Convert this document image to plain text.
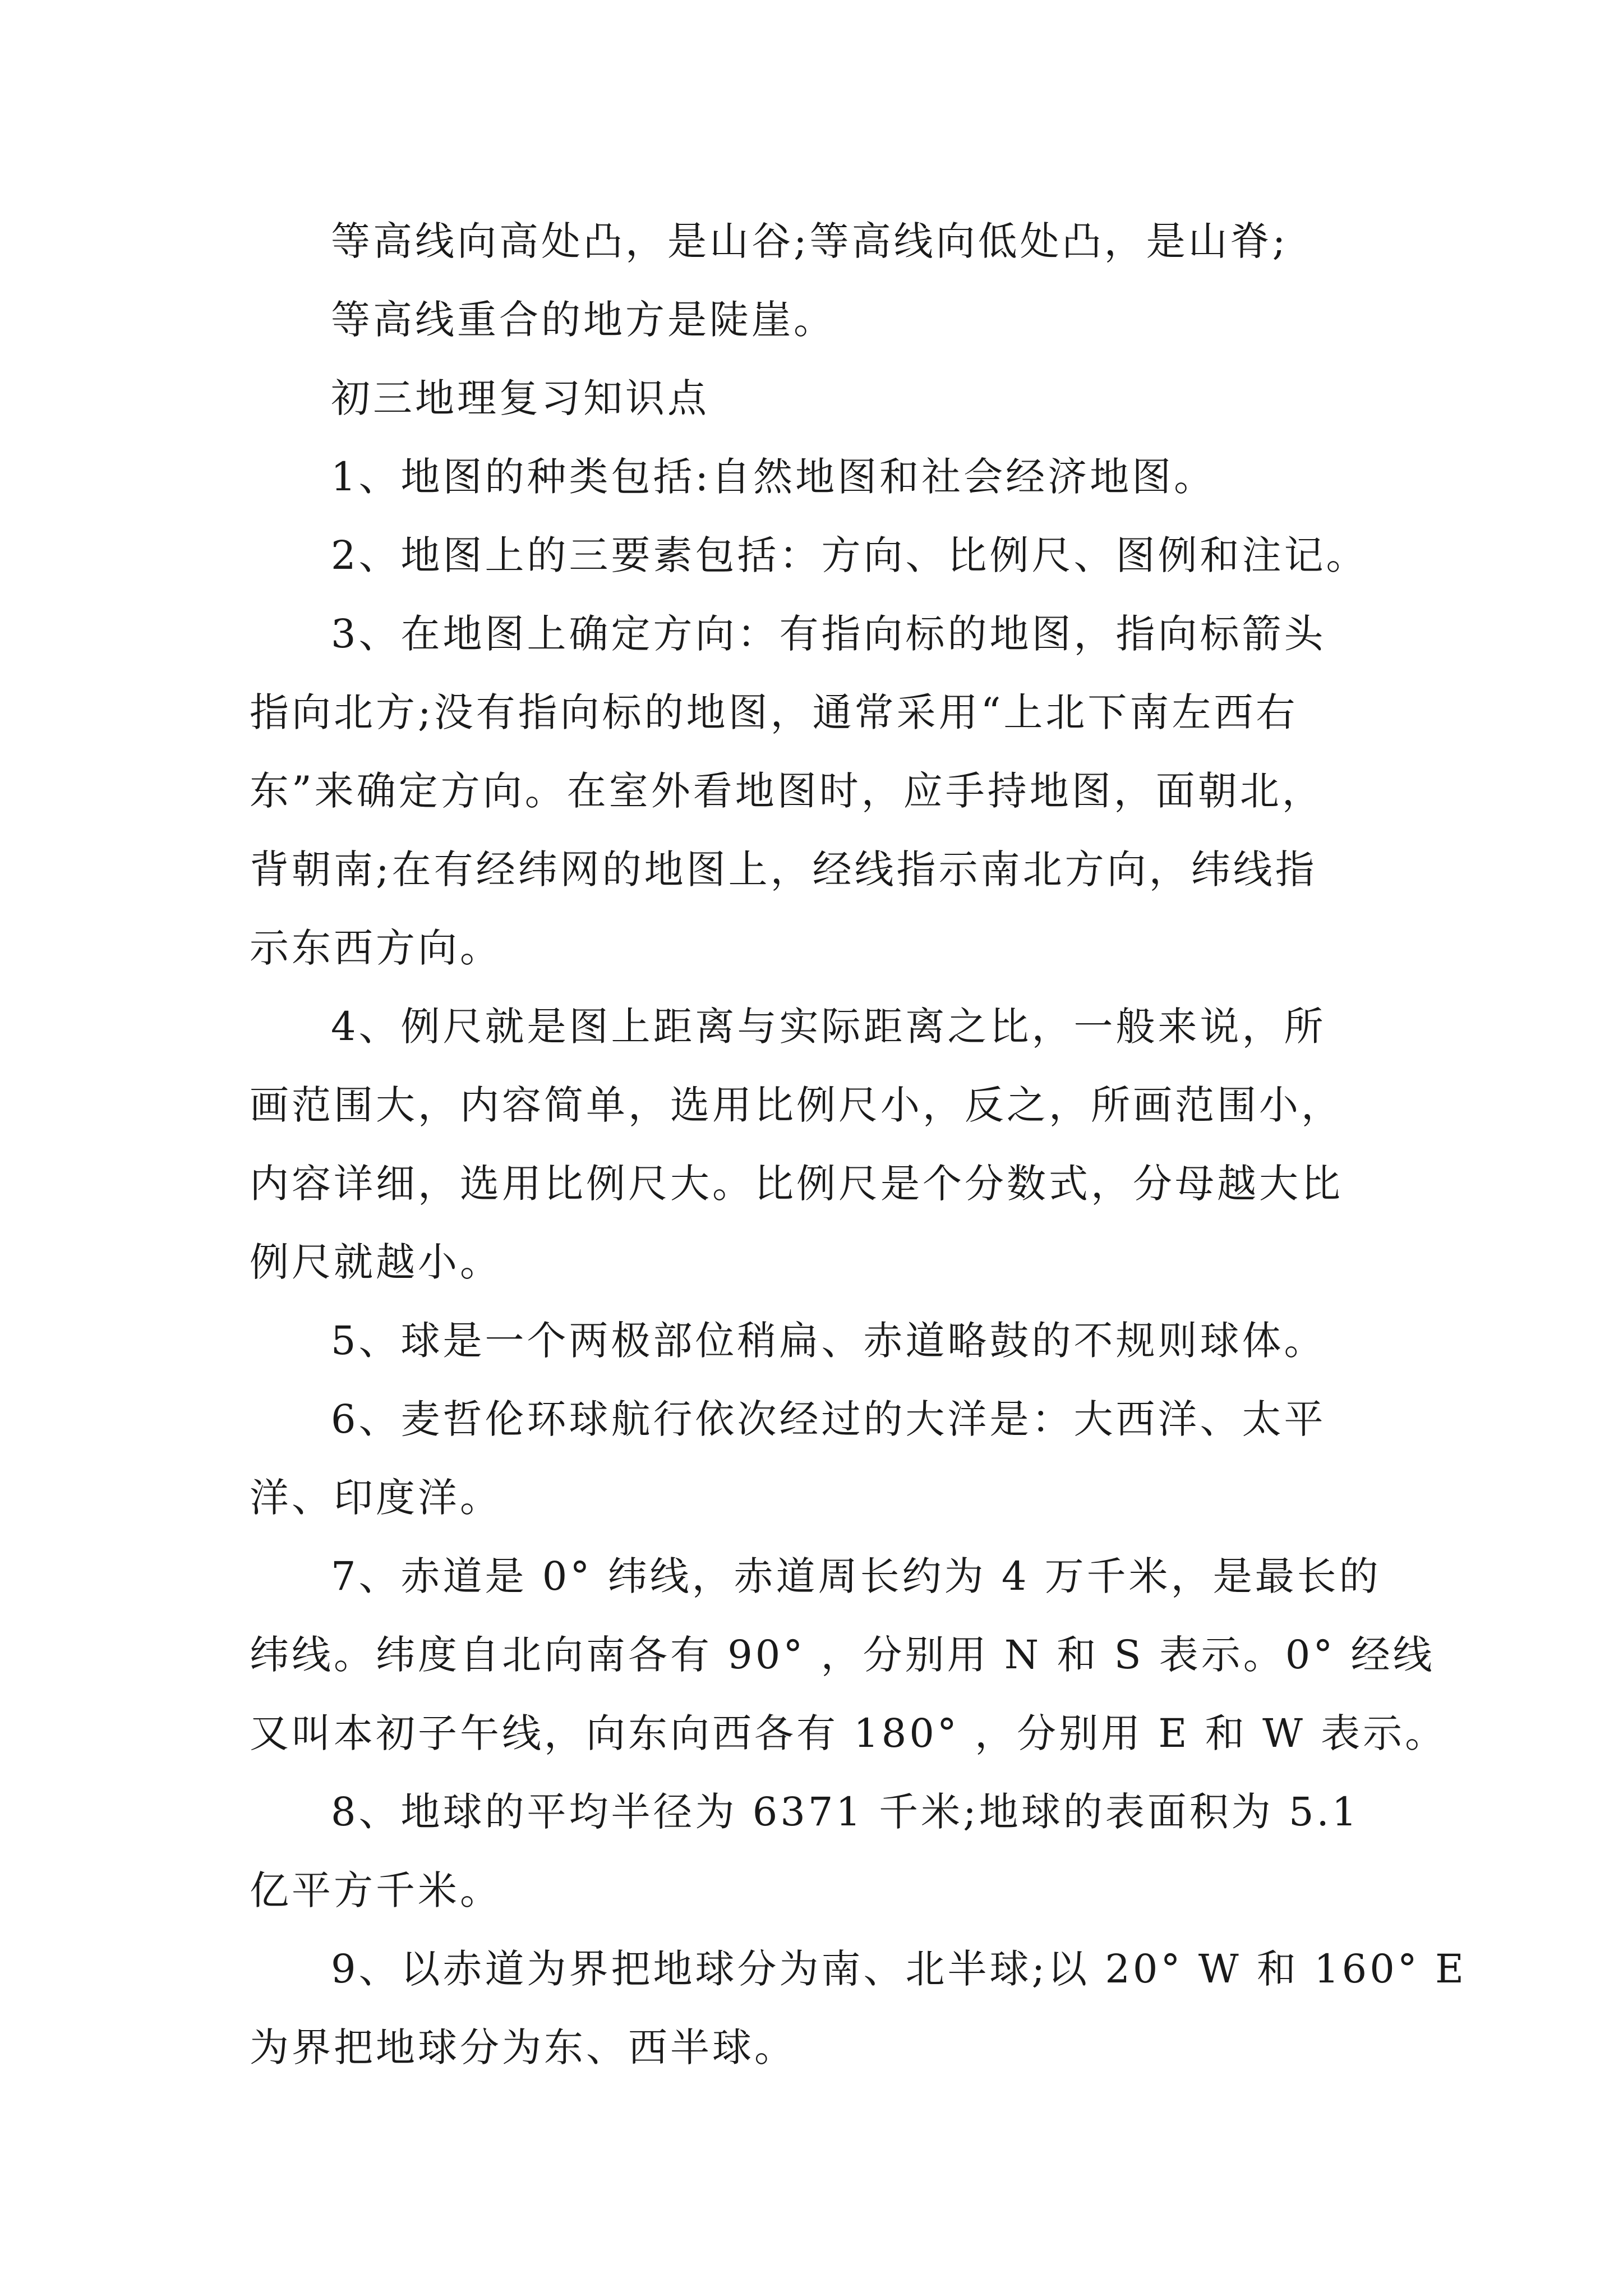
等高线向高处凸，是山谷;等高线向低处凸，是山脊;
等高线重合的地方是陡崖。
初三地理复习知识点
1、地图的种类包括:自然地图和社会经济地图。
2、地图上的三要素包括：方向、比例尺、图例和注记。
3、在地图上确定方向：有指向标的地图，指向标箭头
指向北方;没有指向标的地图，通常采用“上北下南左西右
东”来确定方向。在室外看地图时，应手持地图，面朝北，
背朝南;在有经纬网的地图上，经线指示南北方向，纬线指
示东西方向。
4、例尺就是图上距离与实际距离之比，一般来说，所
画范围大，内容简单，选用比例尺小，反之，所画范围小，
内容详细，选用比例尺大。比例尺是个分数式，分母越大比
例尺就越小。
5、球是一个两极部位稍扁、赤道略鼓的不规则球体。
6、麦哲伦环球航行依次经过的大洋是：大西洋、太平
洋、印度洋。
7、赤道是 0° 纬线，赤道周长约为 4 万千米，是最长的
纬线。纬度自北向南各有 90° ，分别用 N 和 S 表示。0° 经线
又叫本初子午线，向东向西各有 180° ，分别用 E 和 W 表示。
8、地球的平均半径为 6371 千米;地球的表面积为 5.1
亿平方千米。
9、以赤道为界把地球分为南、北半球;以 20° W 和 160° E
为界把地球分为东、西半球。
